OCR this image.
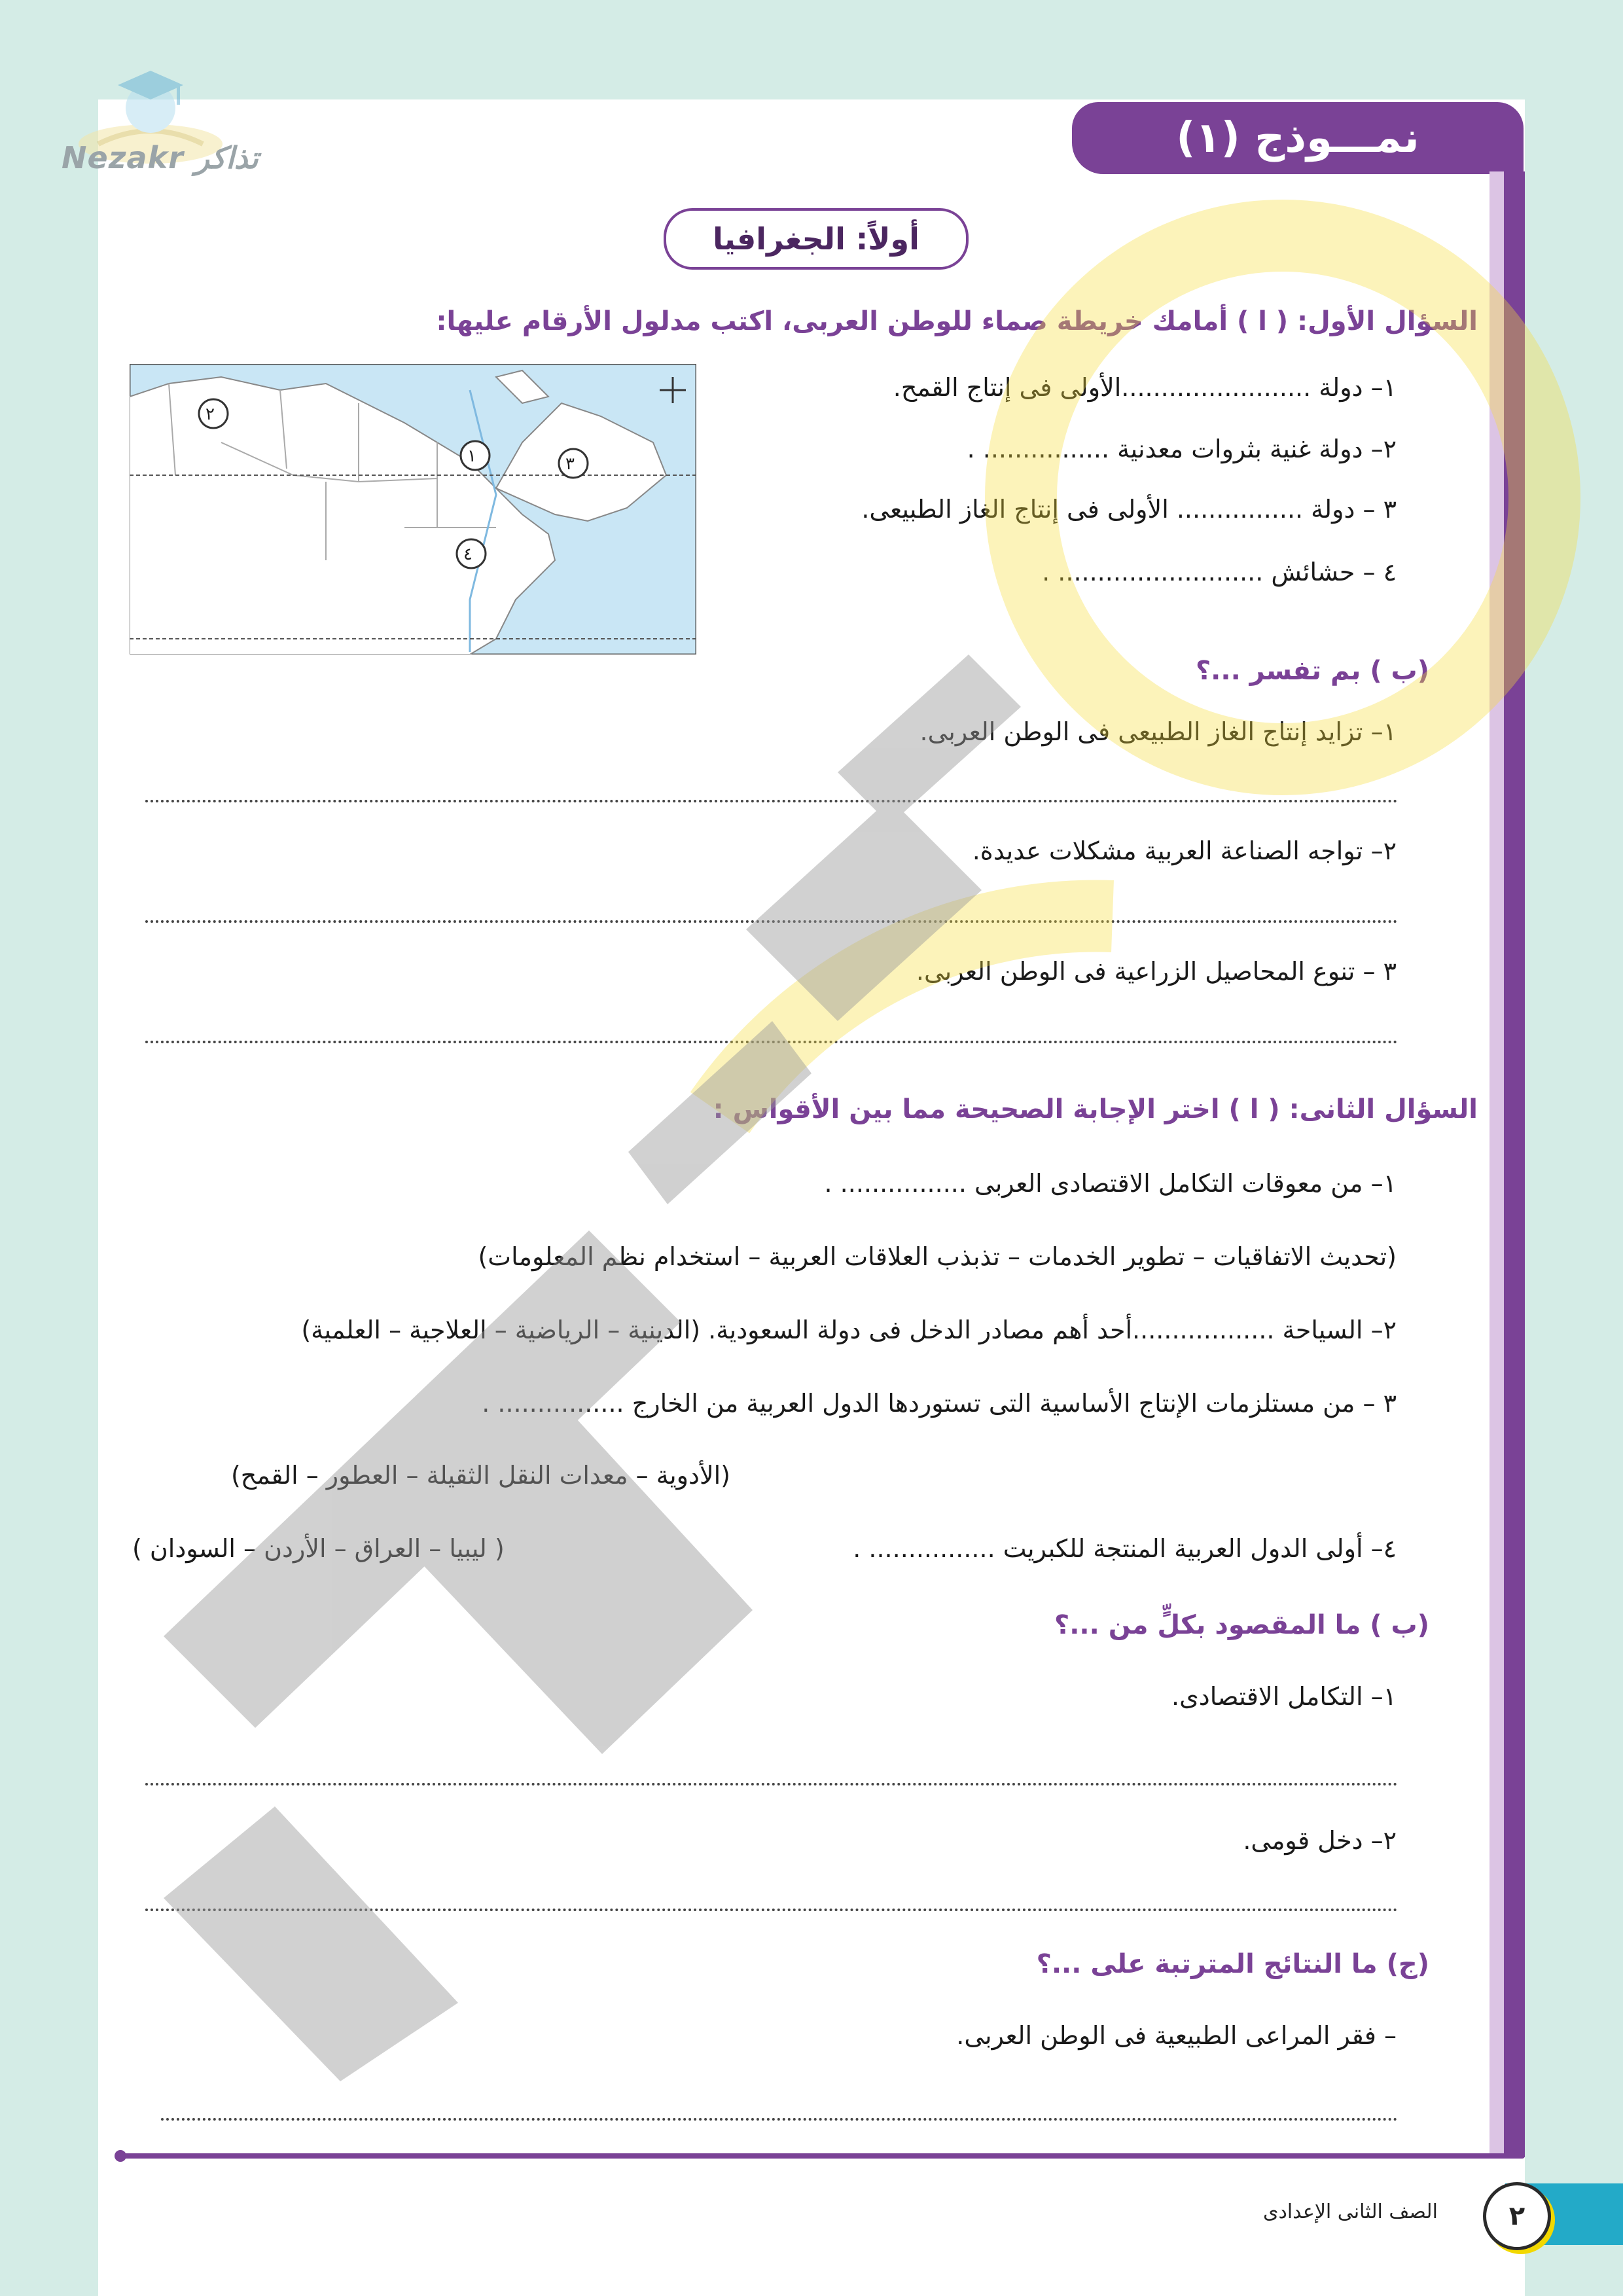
Nezakr تذاكر	نمـــوذج (١)
أولاً: الجغرافيا
السؤال الأول: ( ا ) أمامك خريطة صماء للوطن العربى، اكتب مدلول الأرقام عليها:
٢
١	٣
٤
١– دولة ........................الأولى فى إنتاج القمح.
٢– دولة غنية بثروات معدنية ................ .
٣ – دولة ................ الأولى فى إنتاج الغاز الطبيعى.
٤ – حشائش .......................... .
(ب ) بم تفسر ...؟
١– تزايد إنتاج الغاز الطبيعى فى الوطن العربى.
٢– تواجه الصناعة العربية مشكلات عديدة.
٣ – تنوع المحاصيل الزراعية فى الوطن العربى.
السؤال الثانى: ( ا ) اختر الإجابة الصحيحة مما بين الأقواس :
١– من معوقات التكامل الاقتصادى العربى ................ .
(تحديث الاتفاقيات – تطوير الخدمات – تذبذب العلاقات العربية – استخدام نظم المعلومات)
٢– السياحة ..................أحد أهم مصادر الدخل فى دولة السعودية. (الدينية – الرياضية – العلاجية – العلمية)
٣ – من مستلزمات الإنتاج الأساسية التى تستوردها الدول العربية من الخارج ................ .
(الأدوية – معدات النقل الثقيلة – العطور – القمح)
٤– أولى الدول العربية المنتجة للكبريت ................ .
( ليبيا – العراق – الأردن – السودان )
(ب ) ما المقصود بكلٍّ من ...؟
١– التكامل الاقتصادى.
٢– دخل قومى.
(ج) ما النتائج المترتبة على ...؟
– فقر المراعى الطبيعية فى الوطن العربى.
٢
الصف الثانى الإعدادى
